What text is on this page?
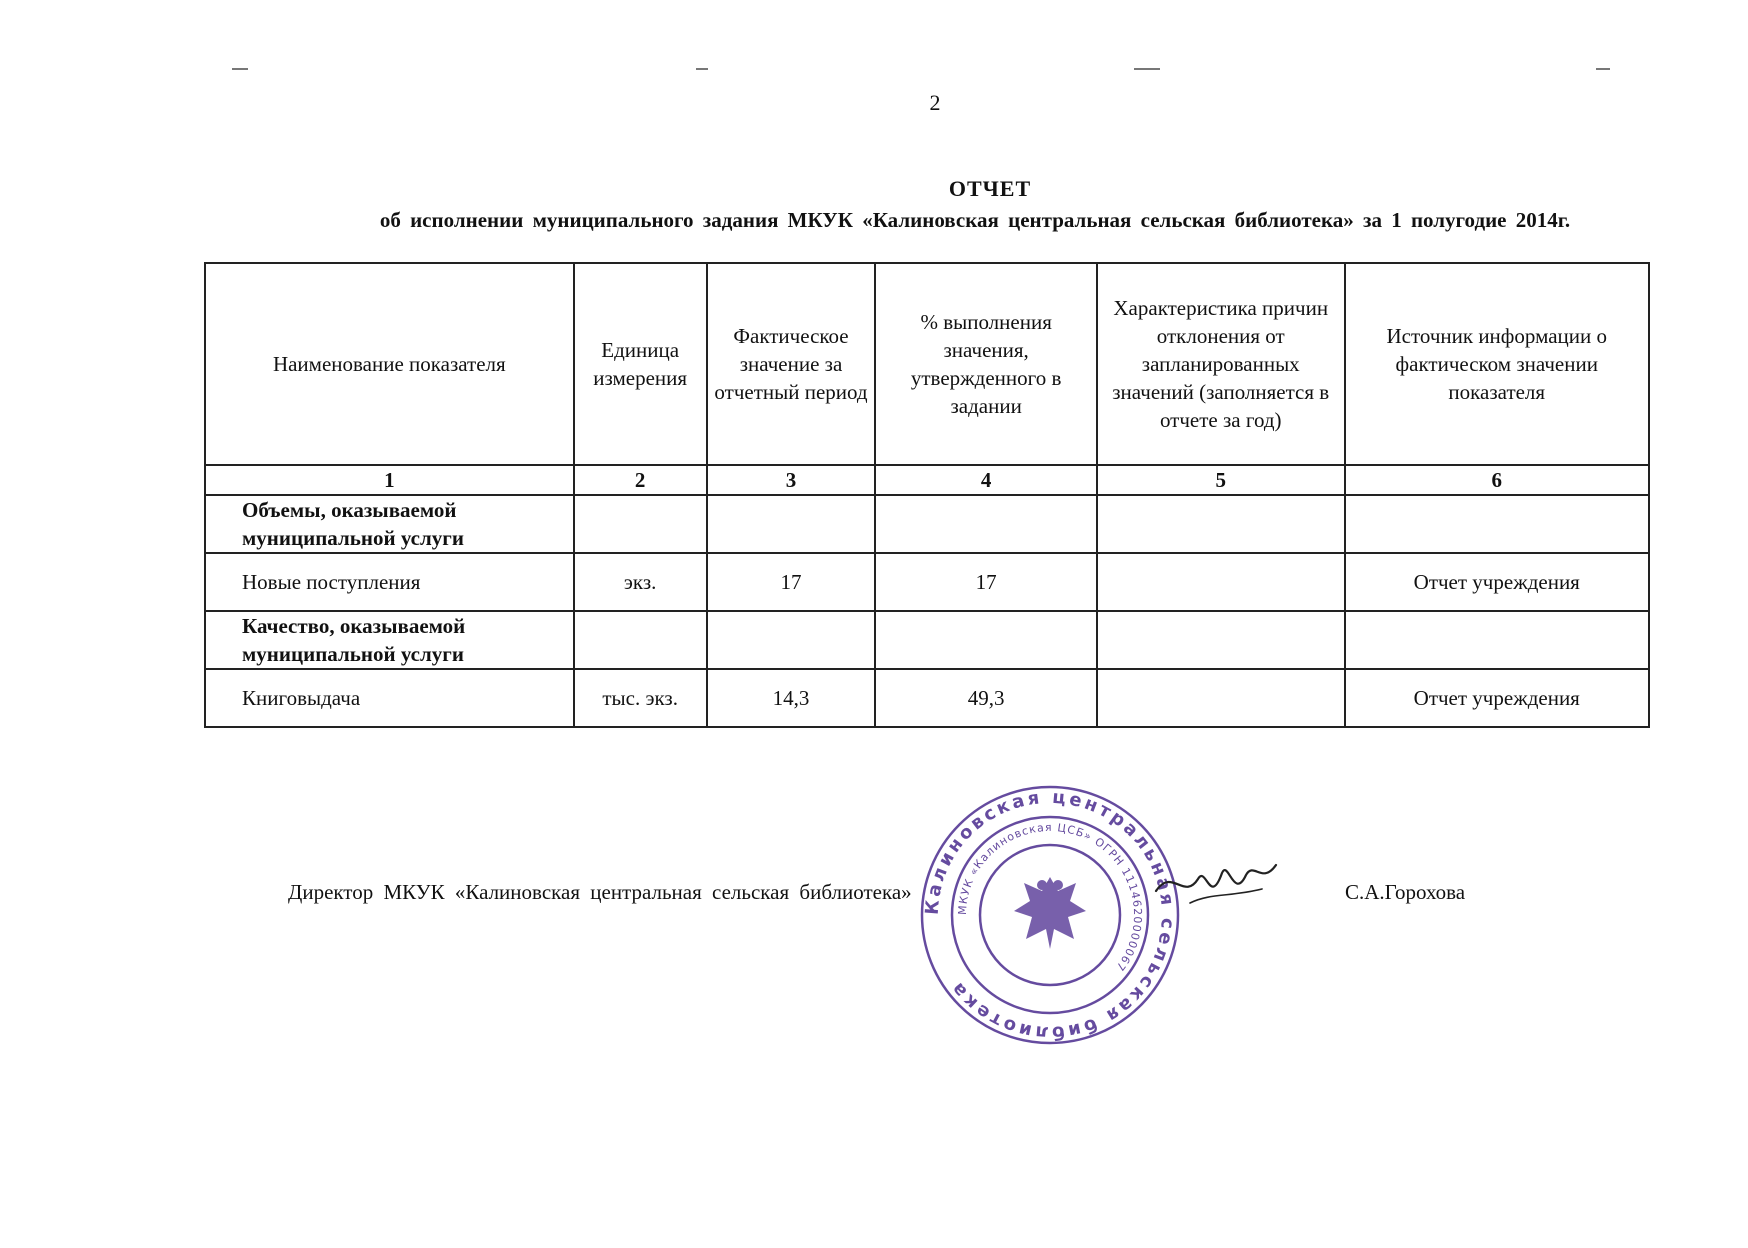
2
ОТЧЕТ
об исполнении муниципального задания МКУК «Калиновская центральная сельская библиотека» за 1 полугодие 2014г.
Наименование показателя	Единица измерения	Фактическое значение за отчетный период	% выполнения значения, утвержденного в задании	Характеристика причин отклонения от запланированных значений (заполняется в отчете за год)	Источник информации о фактическом значении показателя
1	2	3	4	5	6
Объемы, оказываемой муниципальной услуги					
Новые поступления	экз.	17	17		Отчет учреждения
Качество, оказываемой муниципальной услуги					
Книговыдача	тыс. экз.	14,3	49,3		Отчет учреждения
Директор МКУК «Калиновская центральная сельская библиотека»	С.А.Горохова
Калиновская центральная сельская библиотека
МКУК «Калиновская ЦСБ» ОГРН 1114620000067
